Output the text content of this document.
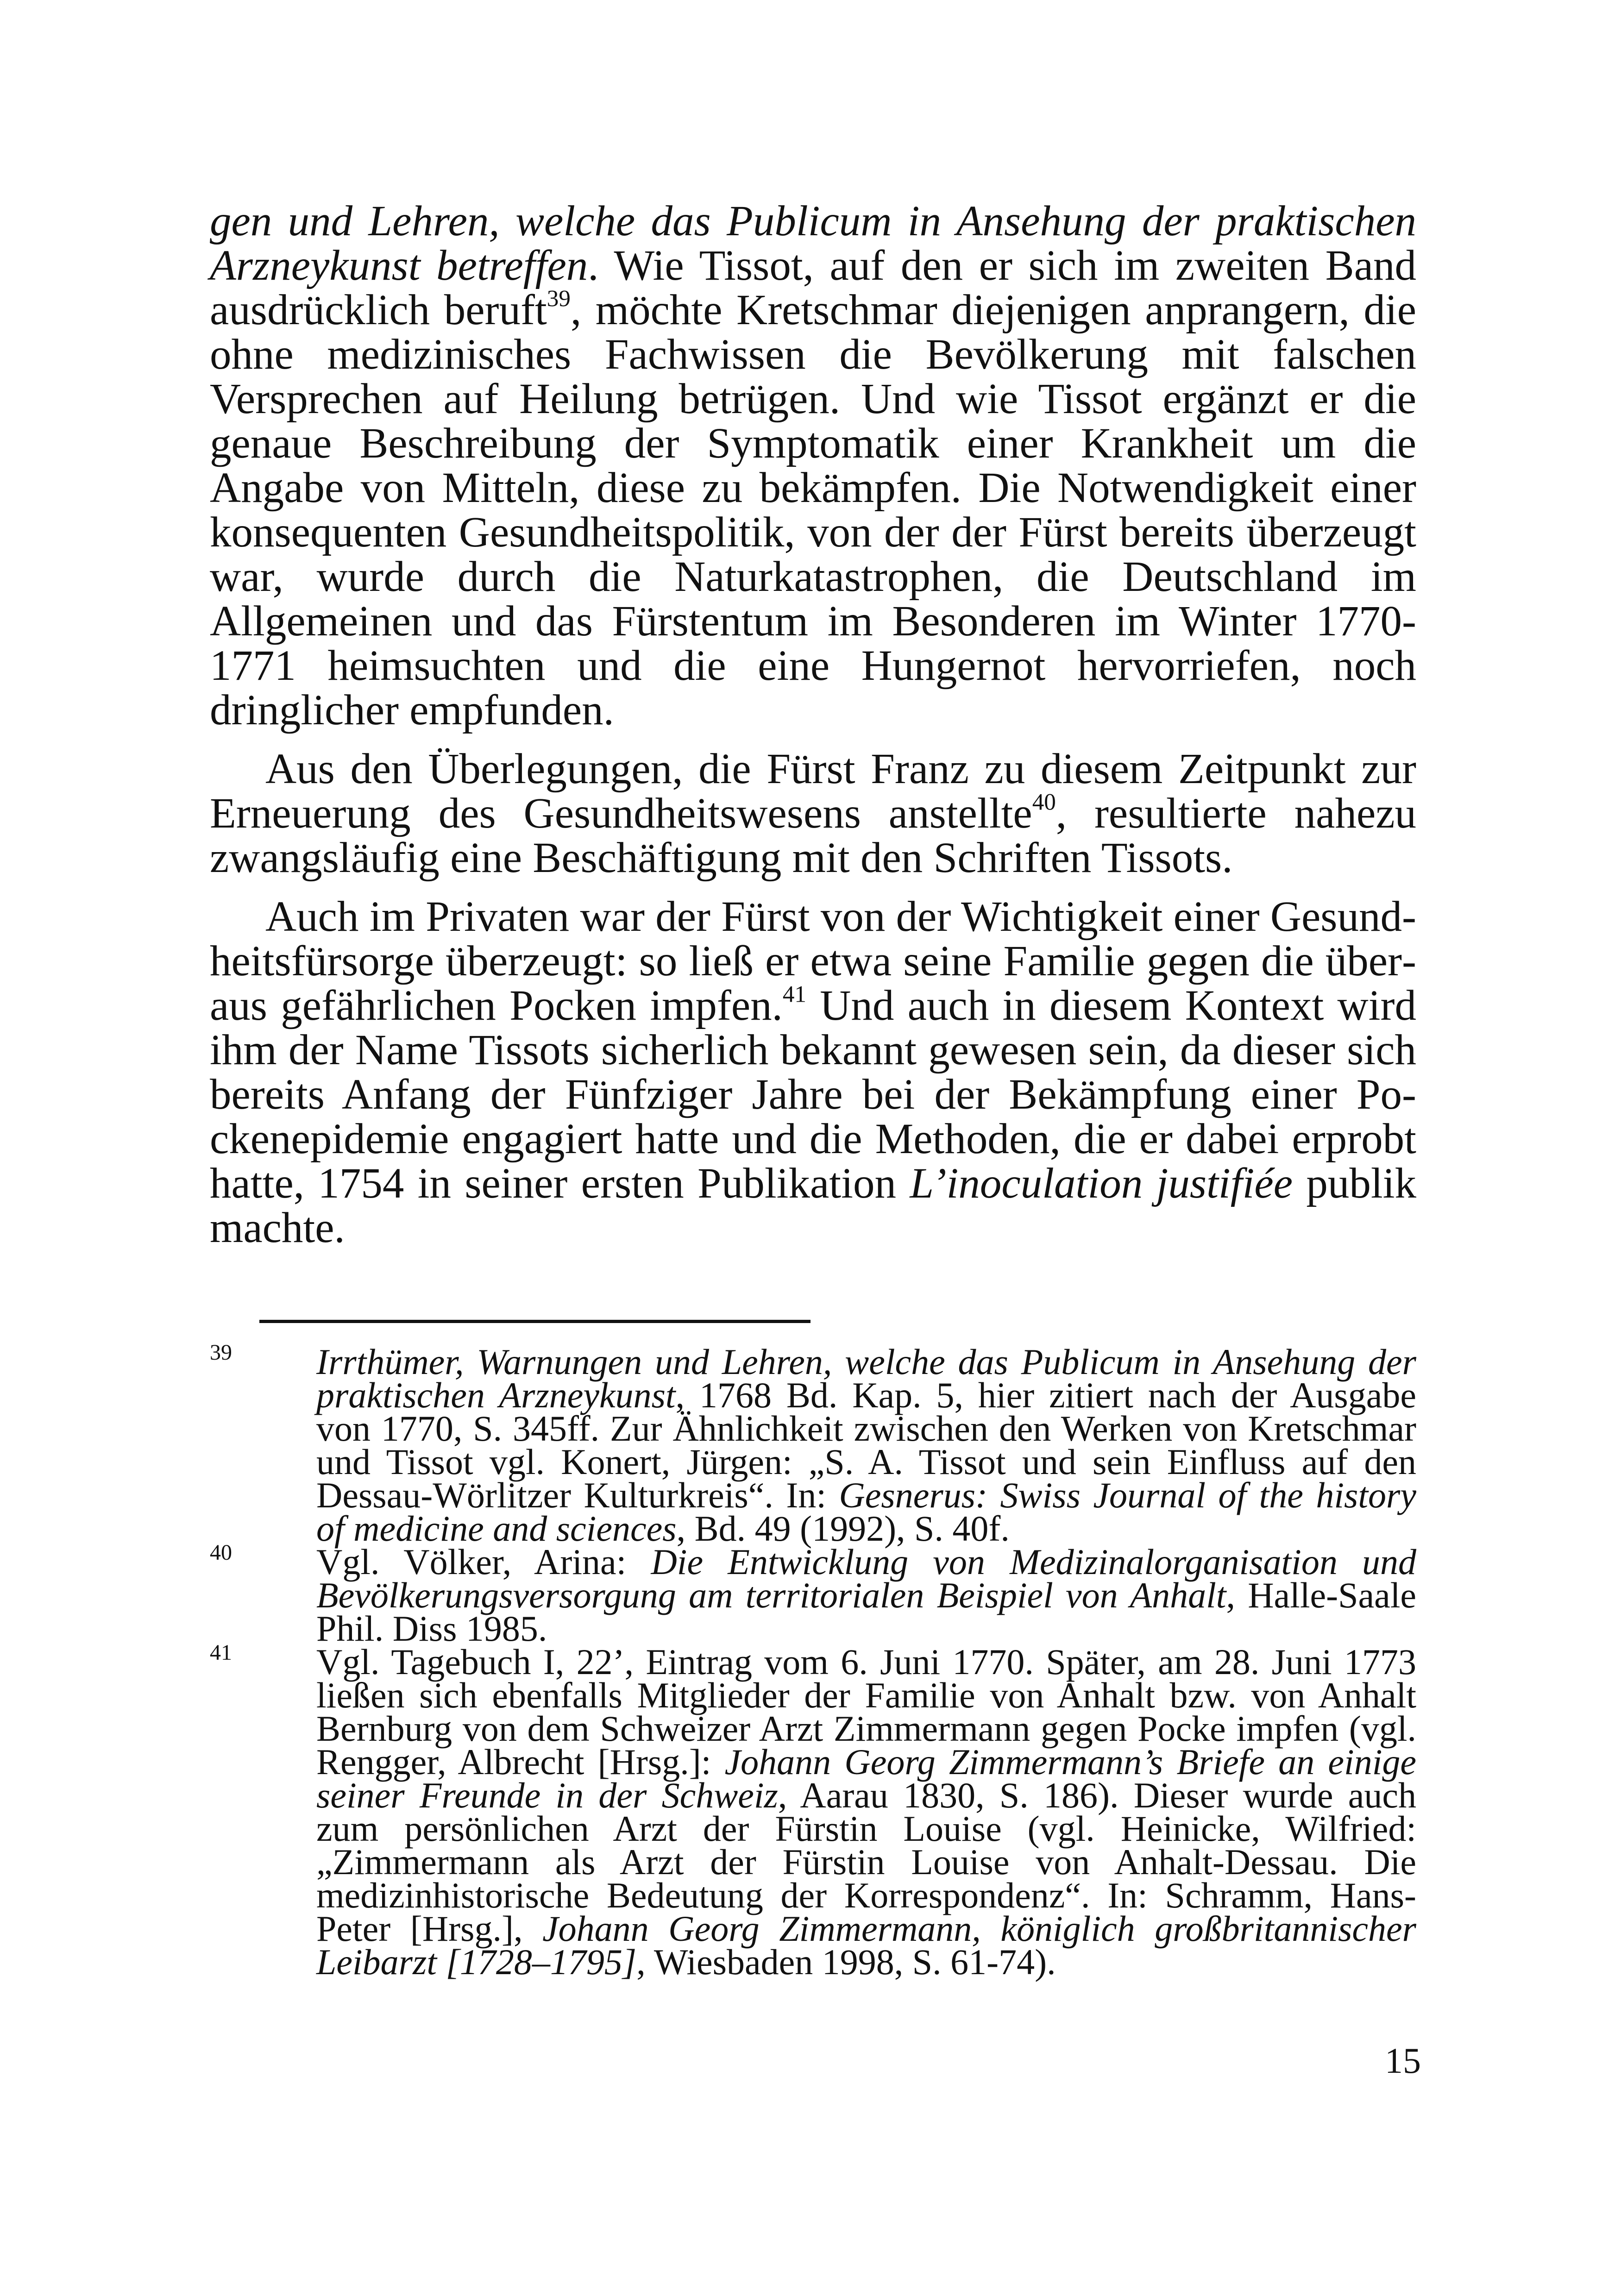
gen und Lehren, welche das Publicum in Ansehung der praktischen Arzneykunst betreffen. Wie Tissot, auf den er sich im zweiten Band ausdrücklich beruft$^{39}$, möchte Kretschmar diejenigen anprangern, die ohne medizinisches Fachwissen die Bevölkerung mit falschen Versprechen auf Heilung betrügen. Und wie Tissot ergänzt er die genaue Beschreibung der Symptomatik einer Krankheit um die Angabe von Mitteln, diese zu bekämpfen. Die Notwendigkeit einer konsequenten Gesundheitspolitik, von der der Fürst bereits überzeugt war, wurde durch die Naturkatastrophen, die Deutschland im Allgemeinen und das Fürstentum im Besonderen im Winter 1770-1771 heimsuchten und die eine Hungernot hervorriefen, noch dringlicher empfunden.

Aus den Überlegungen, die Fürst Franz zu diesem Zeitpunkt zur Erneuerung des Gesundheitswesens anstellte$^{40}$, resultierte nahezu zwangsläufig eine Beschäftigung mit den Schriften Tissots.

Auch im Privaten war der Fürst von der Wichtigkeit einer Gesundheitsfürsorge überzeugt: so ließ er etwa seine Familie gegen die überaus gefährlichen Pocken impfen.$^{41}$ Und auch in diesem Kontext wird ihm der Name Tissots sicherlich bekannt gewesen sein, da dieser sich bereits Anfang der Fünfziger Jahre bei der Bekämpfung einer Pockenepidemie engagiert hatte und die Methoden, die er dabei erprobt hatte, 1754 in seiner ersten Publikation L’inoculation justifiée publik machte.

39 Irrthümer, Warnungen und Lehren, welche das Publicum in Ansehung der praktischen Arzneykunst, 1768 Bd. Kap. 5, hier zitiert nach der Ausgabe von 1770, S. 345ff. Zur Ähnlichkeit zwischen den Werken von Kretschmar und Tissot vgl. Konert, Jürgen: „S. A. Tissot und sein Einfluss auf den Dessau-Wörlitzer Kulturkreis“. In: Gesnerus: Swiss Journal of the history of medicine and sciences, Bd. 49 (1992), S. 40f.
40 Vgl. Völker, Arina: Die Entwicklung von Medizinalorganisation und Bevölkerungsversorgung am territorialen Beispiel von Anhalt, Halle-Saale Phil. Diss 1985.
41 Vgl. Tagebuch I, 22’, Eintrag vom 6. Juni 1770. Später, am 28. Juni 1773 ließen sich ebenfalls Mitglieder der Familie von Anhalt bzw. von Anhalt Bernburg von dem Schweizer Arzt Zimmermann gegen Pocke impfen (vgl. Rengger, Albrecht [Hrsg.]: Johann Georg Zimmermann’s Briefe an einige seiner Freunde in der Schweiz, Aarau 1830, S. 186). Dieser wurde auch zum persönlichen Arzt der Fürstin Louise (vgl. Heinicke, Wilfried: „Zimmermann als Arzt der Fürstin Louise von Anhalt-Dessau. Die medizinhistorische Bedeutung der Korrespondenz“. In: Schramm, Hans-Peter [Hrsg.], Johann Georg Zimmermann, königlich großbritannischer Leibarzt [1728–1795], Wiesbaden 1998, S. 61-74).
15
